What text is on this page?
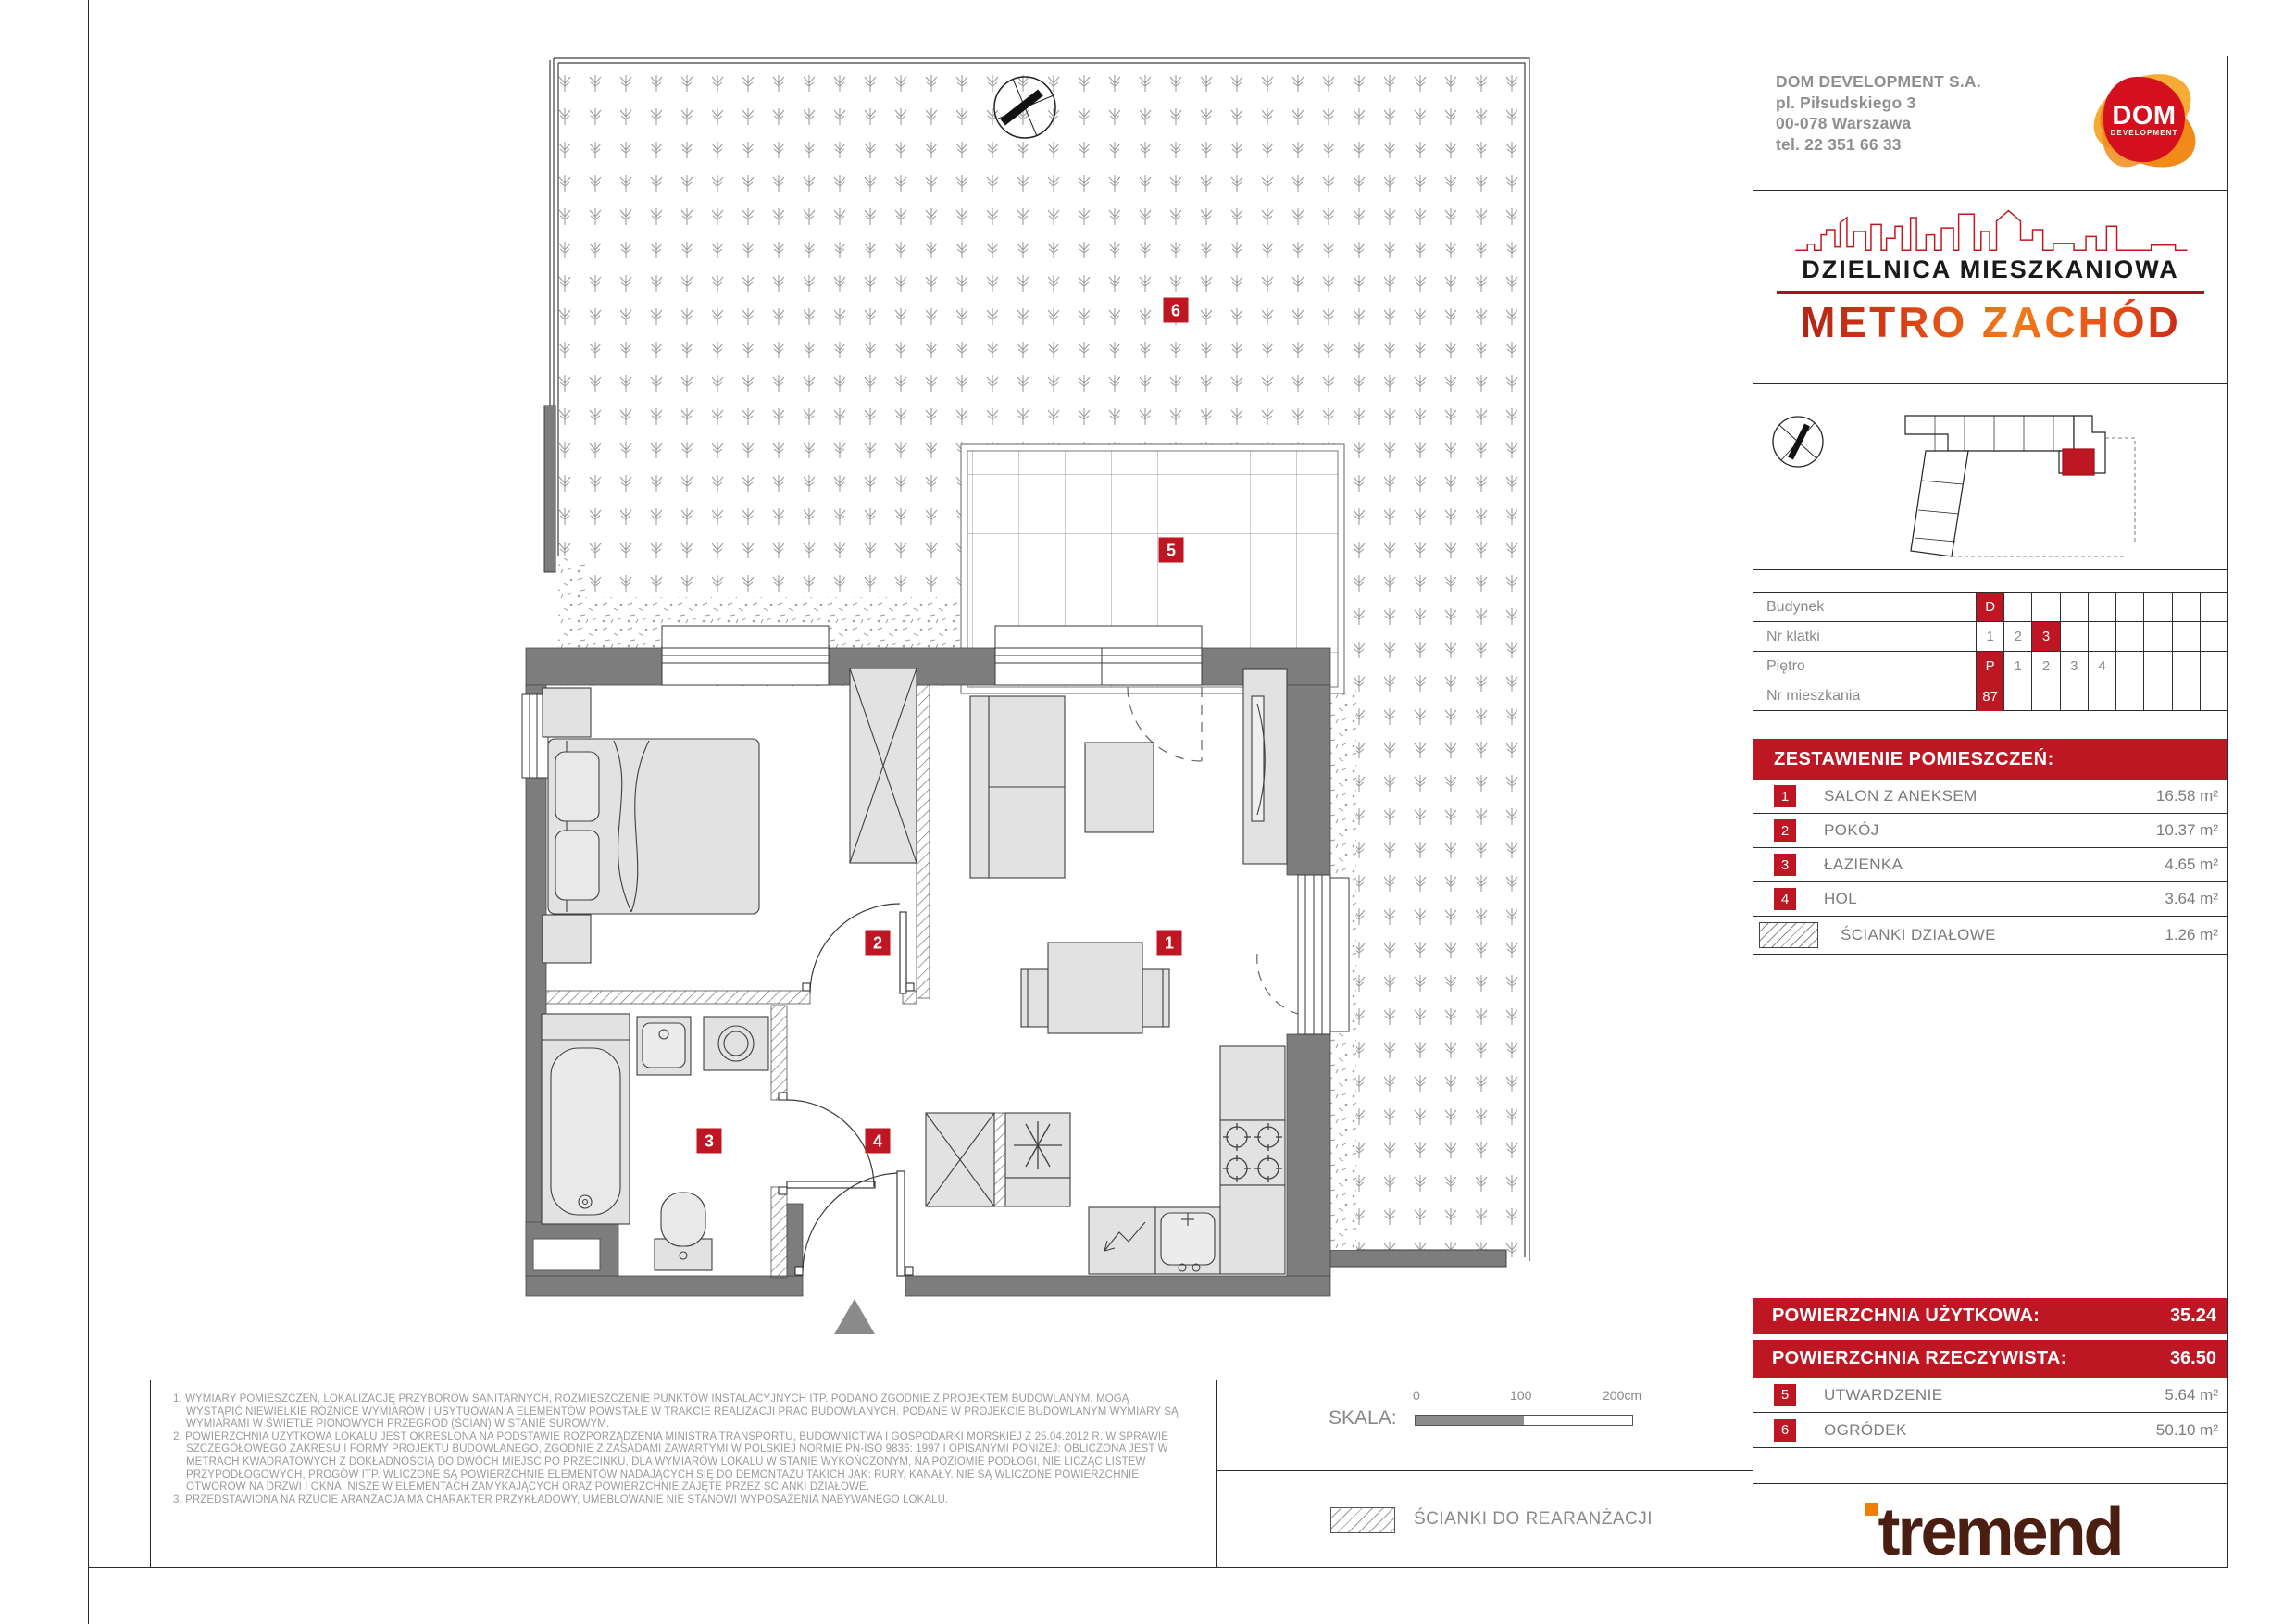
1
2
3	4
5
6
DOM DEVELOPMENT S.A.
pl. Piłsudskiego 3
00-078 Warszawa
tel. 22 351 66 33
DOM
DEVELOPMENT
DZIELNICA MIESZKANIOWA
METRO ZACHÓD
Budynek	D
Nr klatki	1	2	3
Piętro	P	1	2	3	4
Nr mieszkania	87
ZESTAWIENIE POMIESZCZEŃ:
1	SALON Z ANEKSEM	16.58 m²
2	POKÓJ	10.37 m²
3	ŁAZIENKA	4.65 m²
4	HOL	3.64 m²
ŚCIANKI DZIAŁOWE	1.26 m²
POWIERZCHNIA UŻYTKOWA:	35.24
POWIERZCHNIA RZECZYWISTA:	36.50
5	UTWARDZENIE	5.64 m²
6	OGRÓDEK	50.10 m²
tremend
1. WYMIARY POMIESZCZEŃ, LOKALIZACJĘ PRZYBORÓW SANITARNYCH, ROZMIESZCZENIE PUNKTÓW INSTALACYJNYCH ITP. PODANO ZGODNIE Z PROJEKTEM BUDOWLANYM. MOGĄ WYSTĄPIĆ NIEWIELKIE RÓŻNICE WYMIARÓW I USYTUOWANIA ELEMENTÓW POWSTAŁE W TRAKCIE REALIZACJI PRAC BUDOWLANYCH. PODANE W PROJEKCIE BUDOWLANYM WYMIARY SĄ WYMIARAMI W ŚWIETLE PIONOWYCH PRZEGRÓD (ŚCIAN) W STANIE SUROWYM.
2. POWIERZCHNIA UŻYTKOWA LOKALU JEST OKREŚLONA NA PODSTAWIE ROZPORZĄDZENIA MINISTRA TRANSPORTU, BUDOWNICTWA I GOSPODARKI MORSKIEJ Z 25.04.2012 R. W SPRAWIE SZCZEGÓŁOWEGO ZAKRESU I FORMY PROJEKTU BUDOWLANEGO, ZGODNIE Z ZASADAMI ZAWARTYMI W POLSKIEJ NORMIE PN-ISO 9836: 1997 I OPISANYMI PONIŻEJ: OBLICZONA JEST W METRACH KWADRATOWYCH Z DOKŁADNOŚCIĄ DO DWÓCH MIEJSC PO PRZECINKU, DLA WYMIARÓW LOKALU W STANIE WYKOŃCZONYM, NA POZIOMIE PODŁOGI, NIE LICZĄC LISTEW PRZYPODŁOGOWYCH, PROGÓW ITP. WLICZONE SĄ POWIERZCHNIE ELEMENTÓW NADAJĄCYCH SIĘ DO DEMONTAŻU TAKICH JAK: RURY, KANAŁY. NIE SĄ WLICZONE POWIERZCHNIE OTWORÓW NA DRZWI I OKNA, NISZE W ELEMENTACH ZAMYKAJĄCYCH ORAZ POWIERZCHNIE ZAJĘTE PRZEZ ŚCIANKI DZIAŁOWE.
3. PRZEDSTAWIONA NA RZUCIE ARANŻACJA MA CHARAKTER PRZYKŁADOWY, UMEBLOWANIE NIE STANOWI WYPOSAŻENIA NABYWANEGO LOKALU.
SKALA:
0	100	200cm
ŚCIANKI DO REARANŻACJI
